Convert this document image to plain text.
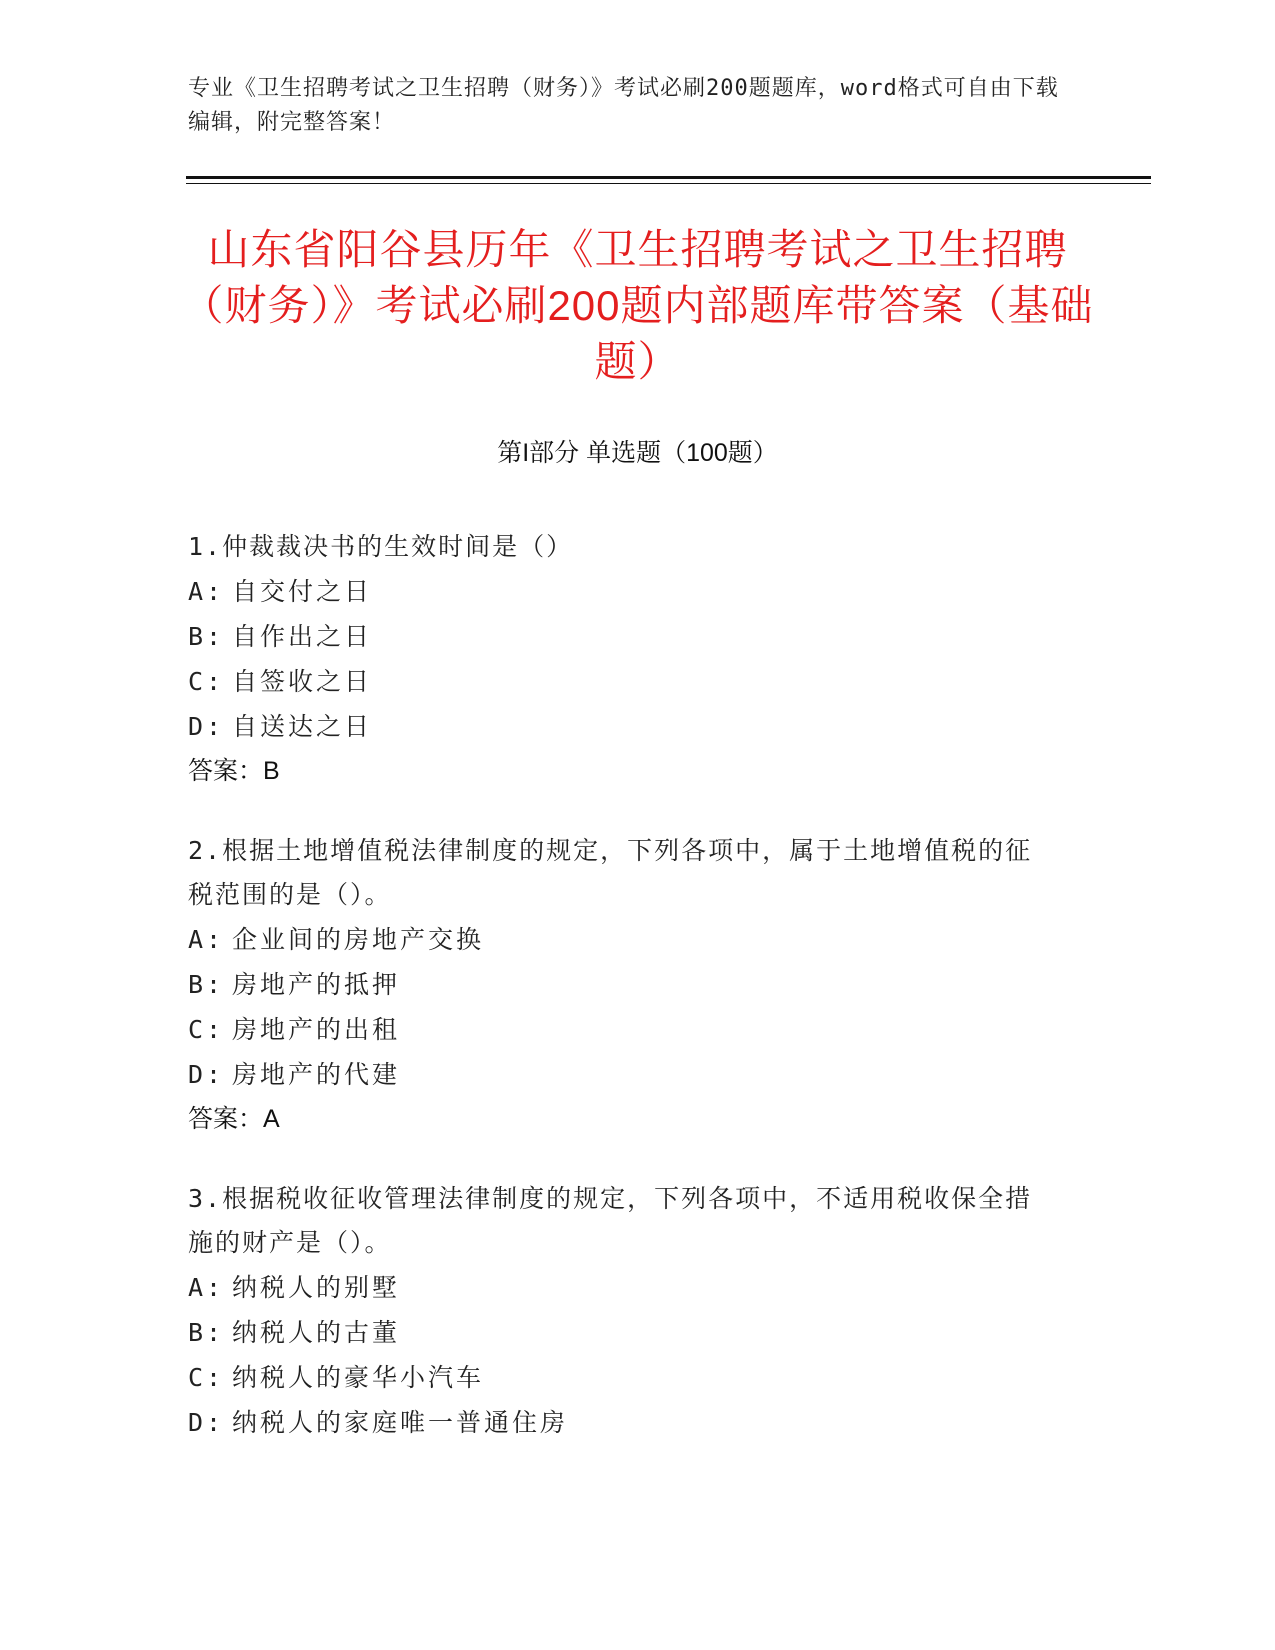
专业《卫生招聘考试之卫生招聘（财务）》考试必刷200题题库，word格式可自由下载编辑，附完整答案！
山东省阳谷县历年《卫生招聘考试之卫生招聘（财务）》考试必刷200题内部题库带答案（基础题）
第I部分 单选题（100题）
1.仲裁裁决书的生效时间是（）
A: 自交付之日
B: 自作出之日
C: 自签收之日
D: 自送达之日
答案：B
2.根据土地增值税法律制度的规定，下列各项中，属于土地增值税的征税范围的是（）。
A: 企业间的房地产交换
B: 房地产的抵押
C: 房地产的出租
D: 房地产的代建
答案：A
3.根据税收征收管理法律制度的规定，下列各项中，不适用税收保全措施的财产是（）。
A: 纳税人的别墅
B: 纳税人的古董
C: 纳税人的豪华小汽车
D: 纳税人的家庭唯一普通住房
